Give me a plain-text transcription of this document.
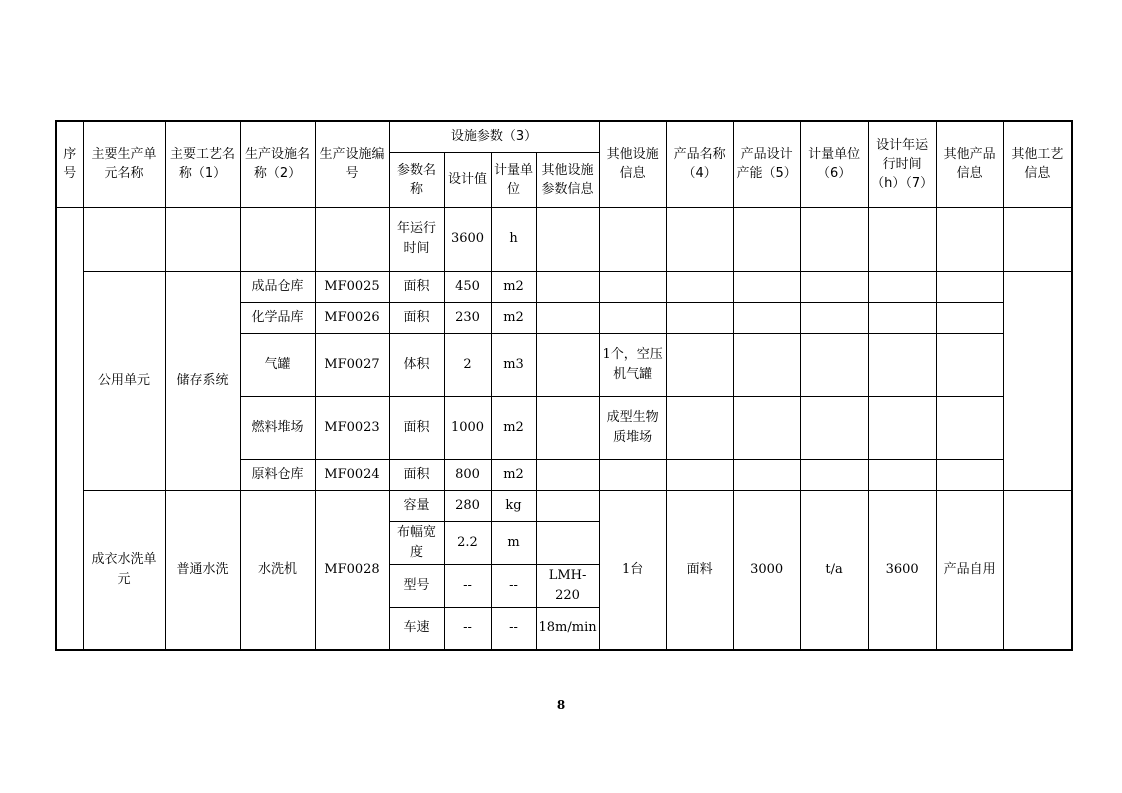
序号	主要生产单元名称	主要工艺名称（1）	生产设施名称（2）	生产设施编号	设施参数（3）				其他设施信息	产品名称（4）	产品设计产能（5）	计量单位（6）	设计年运行时间（h）（7）	其他产品信息	其他工艺信息
					参数名称	设计值	计量单位	其他设施参数信息							
					年运行时间	3600	h								
	公用单元	储存系统	成品仓库	MF0025	面积	450	m2								
			化学品库	MF0026	面积	230	m2								
			气罐	MF0027	体积	2	m3		1个，空压机气罐						
			燃料堆场	MF0023	面积	1000	m2		成型生物质堆场						
			原料仓库	MF0024	面积	800	m2								
	成衣水洗单元	普通水洗	水洗机	MF0028	容量	280	kg		1台	面料	3000	t/a	3600	产品自用	
					布幅宽度	2.2	m								
					型号	--	--	LMH-220							
					车速	--	--	18m/min							
8
